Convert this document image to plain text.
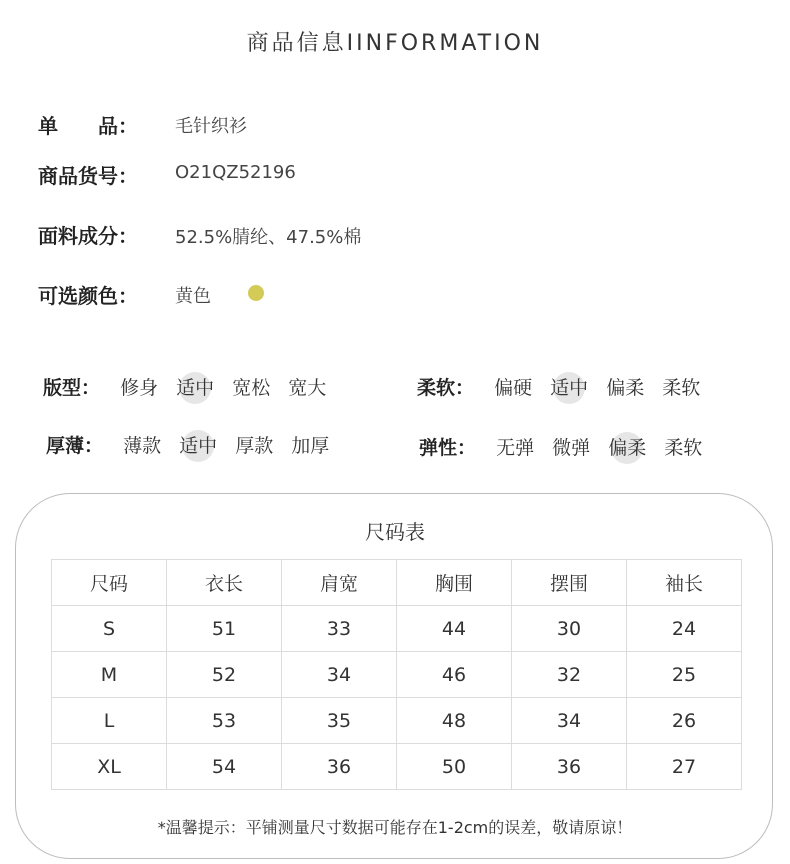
商品信息IINFORMATION
单　　品： 毛针织衫
商品货号： O21QZ52196
面料成分： 52.5%腈纶、47.5%棉
可选颜色： 黄色
版型： 修身 适中 宽松 宽大	柔软： 偏硬 适中 偏柔 柔软
厚薄： 薄款 适中 厚款 加厚	弹性： 无弹 微弹 偏柔 柔软
尺码表
尺码	衣长	肩宽	胸围	摆围	袖长
S	51	33	44	30	24
M	52	34	46	32	25
L	53	35	48	34	26
XL	54	36	50	36	27
*温馨提示：平铺测量尺寸数据可能存在1-2cm的误差，敬请原谅！
